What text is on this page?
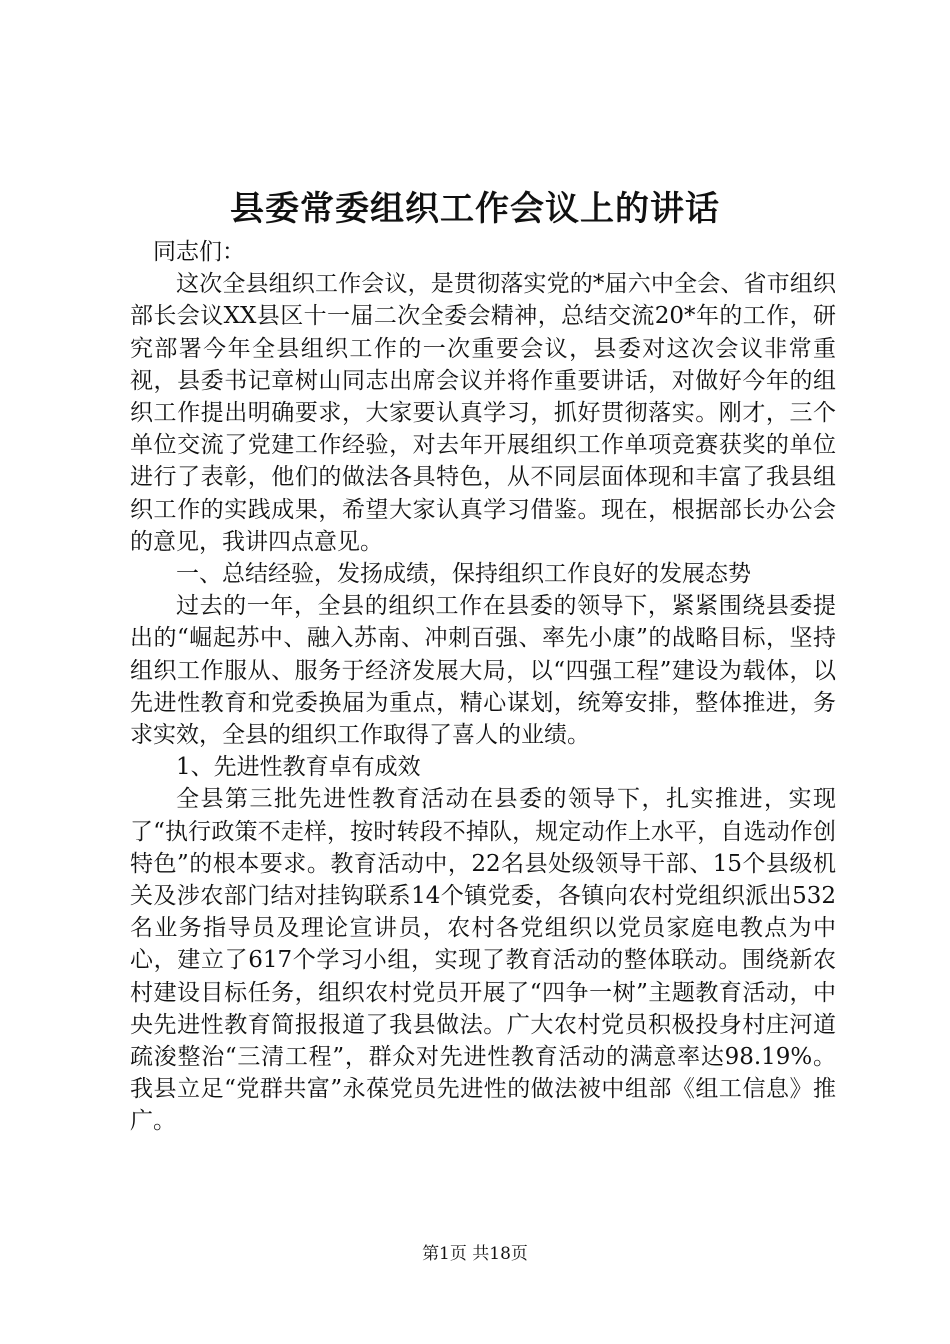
县委常委组织工作会议上的讲话

同志们：

这次全县组织工作会议，是贯彻落实党的*届六中全会、省市组织部长会议XX县区十一届二次全委会精神，总结交流20*年的工作，研究部署今年全县组织工作的一次重要会议，县委对这次会议非常重视，县委书记章树山同志出席会议并将作重要讲话，对做好今年的组织工作提出明确要求，大家要认真学习，抓好贯彻落实。刚才，三个单位交流了党建工作经验，对去年开展组织工作单项竞赛获奖的单位进行了表彰，他们的做法各具特色，从不同层面体现和丰富了我县组织工作的实践成果，希望大家认真学习借鉴。现在，根据部长办公会的意见，我讲四点意见。

一、总结经验，发扬成绩，保持组织工作良好的发展态势

过去的一年，全县的组织工作在县委的领导下，紧紧围绕县委提出的“崛起苏中、融入苏南、冲刺百强、率先小康”的战略目标，坚持组织工作服从、服务于经济发展大局，以“四强工程”建设为载体，以先进性教育和党委换届为重点，精心谋划，统筹安排，整体推进，务求实效，全县的组织工作取得了喜人的业绩。

1、先进性教育卓有成效

全县第三批先进性教育活动在县委的领导下，扎实推进，实现了“执行政策不走样，按时转段不掉队，规定动作上水平，自选动作创特色”的根本要求。教育活动中，22名县处级领导干部、15个县级机关及涉农部门结对挂钩联系14个镇党委，各镇向农村党组织派出532名业务指导员及理论宣讲员，农村各党组织以党员家庭电教点为中心，建立了617个学习小组，实现了教育活动的整体联动。围绕新农村建设目标任务，组织农村党员开展了“四争一树”主题教育活动，中央先进性教育简报报道了我县做法。广大农村党员积极投身村庄河道疏浚整治“三清工程”，群众对先进性教育活动的满意率达98.19%。我县立足“党群共富”永葆党员先进性的做法被中组部《组工信息》推广。

第1页 共18页
